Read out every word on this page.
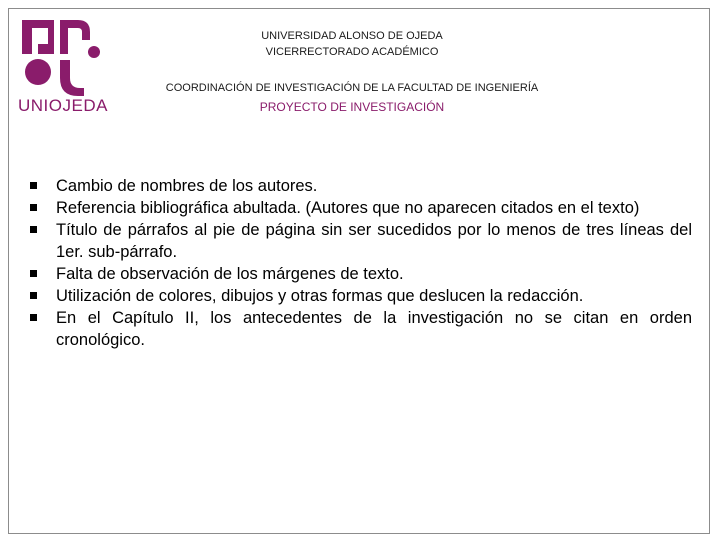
UNIOJEDA
UNIVERSIDAD ALONSO DE OJEDA
VICERRECTORADO ACADÉMICO
COORDINACIÓN DE INVESTIGACIÓN DE LA FACULTAD DE INGENIERÍA
PROYECTO DE INVESTIGACIÓN
Cambio de nombres de los autores.
Referencia bibliográfica abultada. (Autores que no aparecen citados en el texto)
Título de párrafos al pie de página sin ser sucedidos por lo menos de tres líneas del 1er. sub-párrafo.
Falta de observación de los márgenes de texto.
Utilización de colores, dibujos y otras formas que deslucen la redacción.
En el Capítulo II, los antecedentes de la investigación no se citan en orden cronológico.
